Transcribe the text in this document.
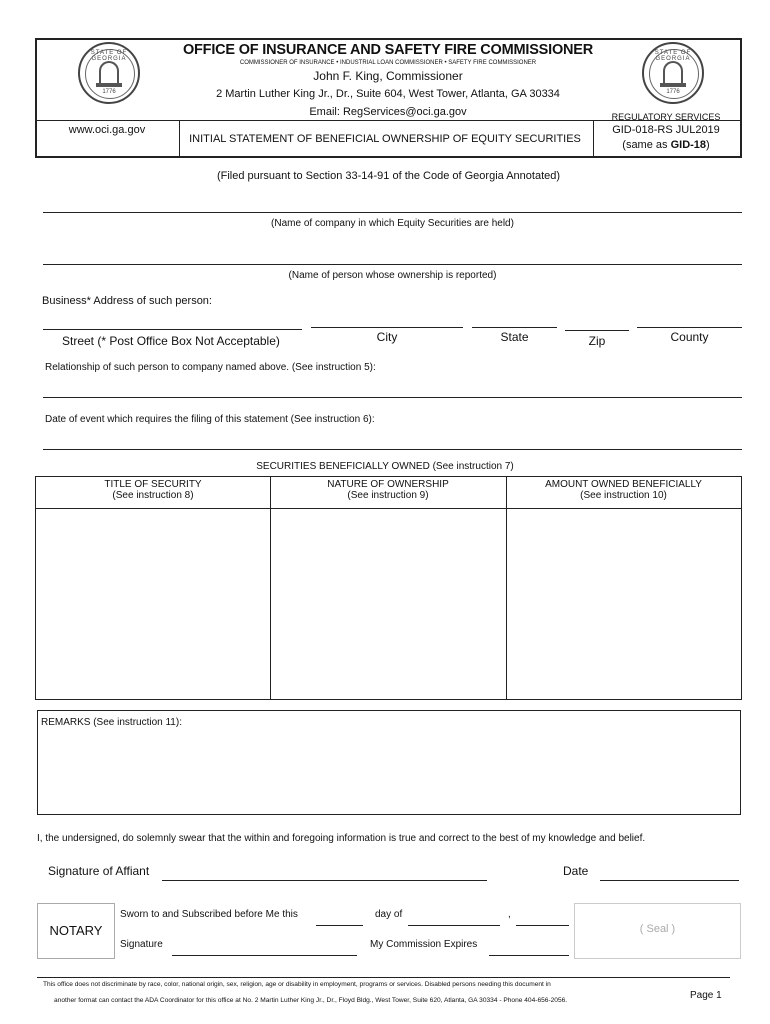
STATE OF GEORGIA
1776
STATE OF GEORGIA
1776
OFFICE OF INSURANCE AND SAFETY FIRE COMMISSIONER
COMMISSIONER OF INSURANCE • INDUSTRIAL LOAN COMMISSIONER • SAFETY FIRE COMMISSIONER
John F. King, Commissioner
2 Martin Luther King Jr., Dr., Suite 604, West Tower, Atlanta, GA 30334
Email: RegServices@oci.ga.gov
www.oci.ga.gov
INITIAL STATEMENT OF BENEFICIAL OWNERSHIP OF EQUITY SECURITIES
REGULATORY SERVICES
GID-018-RS JUL2019
(same as GID-18)
(Filed pursuant to Section 33-14-91 of the Code of Georgia Annotated)
(Name of company in which Equity Securities are held)
(Name of person whose ownership is reported)
Business* Address of such person:
Street (* Post Office Box Not Acceptable)	City	State	Zip	County
Relationship of such person to company named above. (See instruction 5):
Date of event which requires the filing of this statement (See instruction 6):
SECURITIES BENEFICIALLY OWNED (See instruction 7)
TITLE OF SECURITY
(See instruction 8)
NATURE OF OWNERSHIP
(See instruction 9)
AMOUNT OWNED BENEFICIALLY
(See instruction 10)
REMARKS (See instruction 11):
I, the undersigned, do solemnly swear that the within and foregoing information is true and correct to the best of my knowledge and belief.
Signature of Affiant	Date
NOTARY
Sworn to and Subscribed before Me this	day of	,
Signature	My Commission Expires
( Seal )
This office does not discriminate by race, color, national origin, sex, religion, age or disability in employment, programs or services. Disabled persons needing this document in
another format can contact the ADA Coordinator for this office at No. 2 Martin Luther King Jr., Dr., Floyd Bldg., West Tower, Suite 620, Atlanta, GA 30334 - Phone 404-656-2056.	Page 1
